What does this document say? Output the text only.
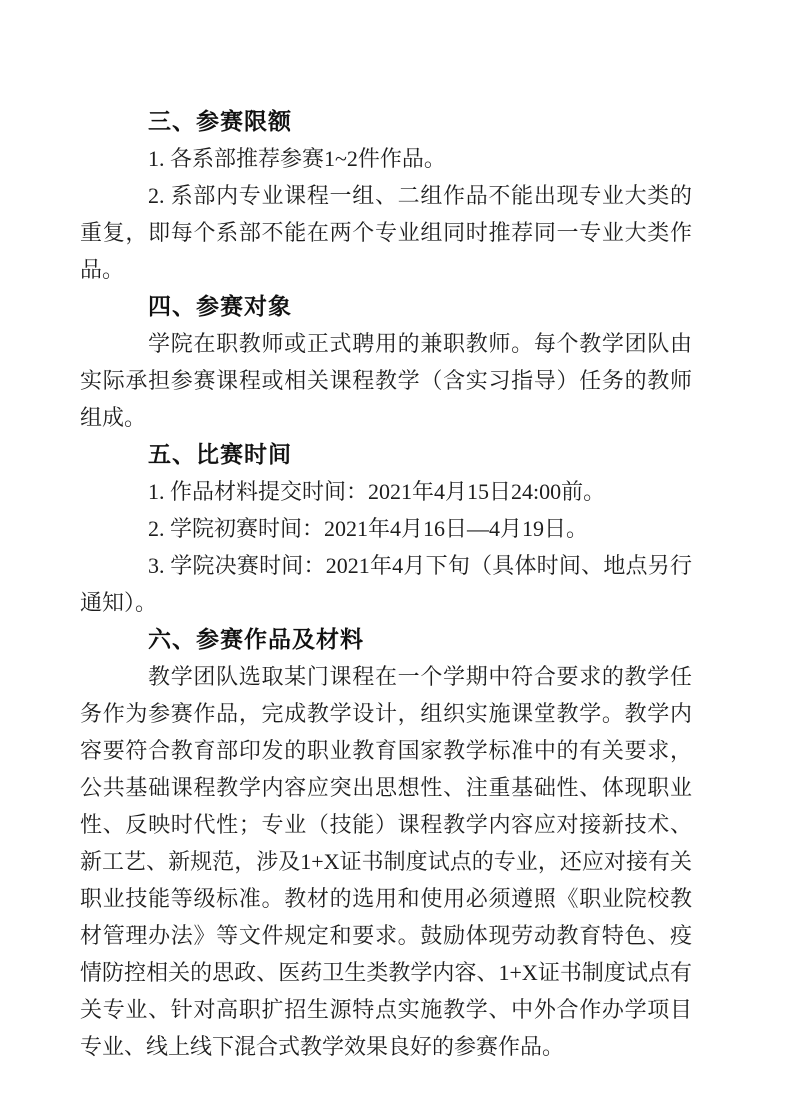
三、参赛限额

1. 各系部推荐参赛1~2件作品。

2. 系部内专业课程一组、二组作品不能出现专业大类的重复，即每个系部不能在两个专业组同时推荐同一专业大类作品。

四、参赛对象

学院在职教师或正式聘用的兼职教师。每个教学团队由实际承担参赛课程或相关课程教学（含实习指导）任务的教师组成。

五、比赛时间

1. 作品材料提交时间：2021年4月15日24:00前。

2. 学院初赛时间：2021年4月16日—4月19日。

3. 学院决赛时间：2021年4月下旬（具体时间、地点另行通知）。

六、参赛作品及材料

教学团队选取某门课程在一个学期中符合要求的教学任务作为参赛作品，完成教学设计，组织实施课堂教学。教学内容要符合教育部印发的职业教育国家教学标准中的有关要求，公共基础课程教学内容应突出思想性、注重基础性、体现职业性、反映时代性；专业（技能）课程教学内容应对接新技术、新工艺、新规范，涉及1+X证书制度试点的专业，还应对接有关职业技能等级标准。教材的选用和使用必须遵照《职业院校教材管理办法》等文件规定和要求。鼓励体现劳动教育特色、疫情防控相关的思政、医药卫生类教学内容、1+X证书制度试点有关专业、针对高职扩招生源特点实施教学、中外合作办学项目专业、线上线下混合式教学效果良好的参赛作品。
